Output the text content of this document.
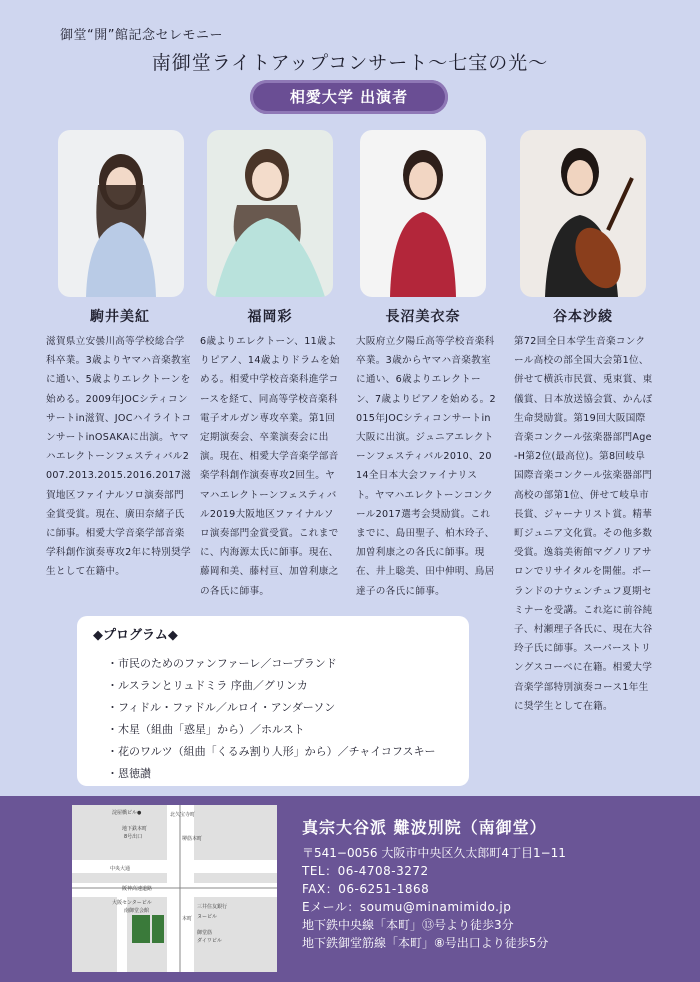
御堂“開”館記念セレモニー
南御堂ライトアップコンサート〜七宝の光〜
相愛大学 出演者
駒井美紅	福岡彩	長沼美衣奈	谷本沙綾
滋賀県立安曇川高等学校総合学科卒業。3歳よりヤマハ音楽教室に通い、5歳よりエレクトーンを始める。2009年JOCシティコンサートin滋賀、JOCハイライトコンサートinOSAKAに出演。ヤマハエレクトーンフェスティバル2007.2013.2015.2016.2017滋賀地区ファイナルソロ演奏部門金賞受賞。現在、廣田奈緒子氏に師事。相愛大学音楽学部音楽学科創作演奏専攻2年に特別奨学生として在籍中。
6歳よりエレクトーン、11歳よりピアノ、14歳よりドラムを始める。相愛中学校音楽科進学コースを経て、同高等学校音楽科電子オルガン専攻卒業。第1回定期演奏会、卒業演奏会に出演。現在、相愛大学音楽学部音楽学科創作演奏専攻2回生。ヤマハエレクトーンフェスティバル2019大阪地区ファイナルソロ演奏部門金賞受賞。これまでに、内海源太氏に師事。現在、藤岡和美、藤村亘、加曽利康之の各氏に師事。
大阪府立夕陽丘高等学校音楽科卒業。3歳からヤマハ音楽教室に通い、6歳よりエレクトーン、7歳よりピアノを始める。2015年JOCシティコンサートin大阪に出演。ジュニアエレクトーンフェスティバル2010、2014全日本大会ファイナリスト。ヤマハエレクトーンコンクール2017選考会奨励賞。これまでに、島田聖子、柏木玲子、加曽利康之の各氏に師事。現在、井上聡美、田中伸明、鳥居達子の各氏に師事。
第72回全日本学生音楽コンクール高校の部全国大会第1位、併せて横浜市民賞、兎束賞、東儀賞、日本放送協会賞、かんぽ生命奨励賞。第19回大阪国際音楽コンクール弦楽器部門Age-H第2位(最高位)。第8回岐阜国際音楽コンクール弦楽器部門高校の部第1位、併せて岐阜市長賞、ジャーナリスト賞。精華町ジュニア文化賞。その他多数受賞。逸翁美術館マグノリアサロンでリサイタルを開催。ポーランドのナウェンチュフ夏期セミナーを受講。これ迄に前谷純子、村瀬理子各氏に、現在大谷玲子氏に師事。スーパーストリングスコーベに在籍。相愛大学音楽学部特別演奏コース1年生に奨学生として在籍。
◆プログラム◆
・市民のためのファンファーレ／コープランド
・ルスランとリュドミラ 序曲／グリンカ
・フィドル・ファドル／ルロイ・アンダーソン
・木星（組曲「惑星」から）／ホルスト
・花のワルツ（組曲「くるみ割り人形」から）／チャイコフスキー
・恩徳讃
淀屋橋ビル●	北久宝寺町
地下鉄本町
8号出口	堺筋本町
中央大通
阪神高速道路
本町
大阪センタービル
南御堂会館
三井住友銀行
ヌービル
御堂筋
ダイワビル
真宗大谷派 難波別院（南御堂）
〒541−0056 大阪市中央区久太郎町4丁目1−11
TEL：06-4708-3272
FAX：06-6251-1868
Eメール：soumu@minamimido.jp
地下鉄中央線「本町」⑬号より徒歩3分
地下鉄御堂筋線「本町」⑧号出口より徒歩5分
